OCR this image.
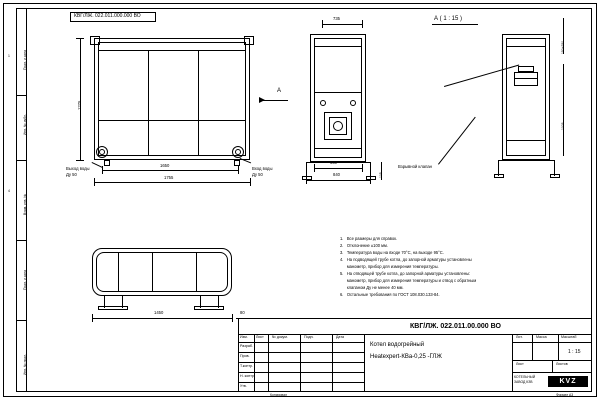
Подп. и дата
Инв. № дубл.
Взам. инв. №
Подп. и дата
Инв. № подл.
1
4
КВГ/ЛЖ. 022.011.000.000 ВО
1275
1650
1755
Выход воды
Ду 50
Вход воды
Ду 50
А
735
650
840	105
А ( 1 : 15 )
Взрывной клапан
150±250
1005
1450	80
1.   Все размеры для справок.
2.   Отклонение ±100 мм.
3.   Температура воды на входе 70°С, на выходе 95°С.
4.   На подводящей трубе котла, до запорной арматуры установлены
манометр, прибор для измерения температуры.
5.   На отводящей трубе котла, до запорной арматуры установлены:
манометр, прибор для измерения температуры и отвод с обратным
клапаном Ду не менее 40 мм.
6.   Остальные требования по ГОСТ 108.030.133-84.
КВГ/ЛЖ. 022.011.00.000 ВО
Изм. Лист № докум.	Подп.	Дата
Разраб.
Пров.
Т.контр.
Н. контр.
Утв.
Котел водогрейный
Heatexpert-КВа-0,25 -ГЛЖ
Лит.	Масса	Масштаб
1 : 15
Лист	Листов
КОТЕЛЬНЫЙ
ЗАВОД КЗВ	KVZ
Копировал	Формат А3
